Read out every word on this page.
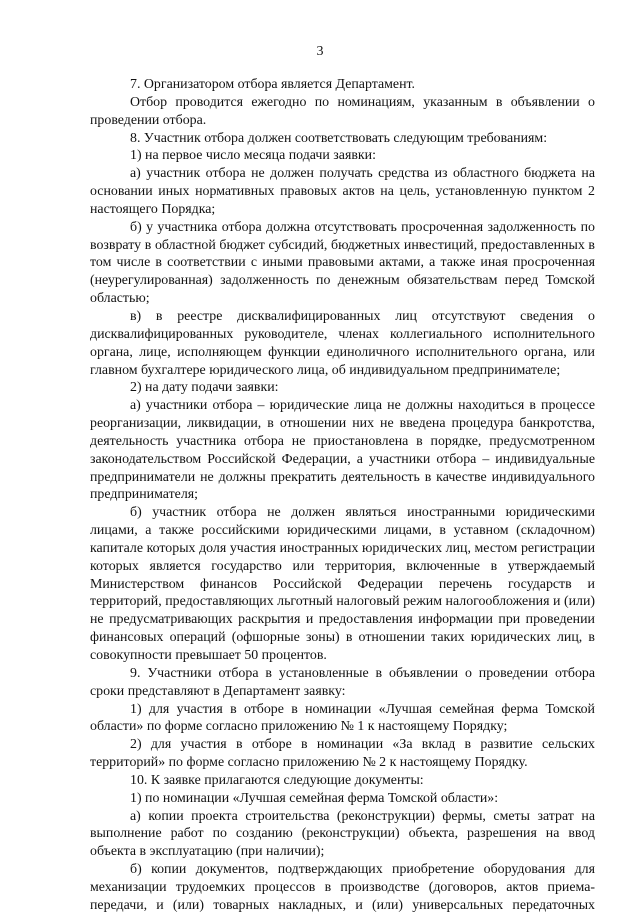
3

7. Организатором отбора является Департамент.

Отбор проводится ежегодно по номинациям, указанным в объявлении о проведении отбора.

8. Участник отбора должен соответствовать следующим требованиям:

1) на первое число месяца подачи заявки:

а) участник отбора не должен получать средства из областного бюджета на основании иных нормативных правовых актов на цель, установленную пунктом 2 настоящего Порядка;

б) у участника отбора должна отсутствовать просроченная задолженность по возврату в областной бюджет субсидий, бюджетных инвестиций, предоставленных в том числе в соответствии с иными правовыми актами, а также иная просроченная (неурегулированная) задолженность по денежным обязательствам перед Томской областью;

в) в реестре дисквалифицированных лиц отсутствуют сведения о дисквалифицированных руководителе, членах коллегиального исполнительного органа, лице, исполняющем функции единоличного исполнительного органа, или главном бухгалтере юридического лица, об индивидуальном предпринимателе;

2) на дату подачи заявки:

а) участники отбора – юридические лица не должны находиться в процессе реорганизации, ликвидации, в отношении них не введена процедура банкротства, деятельность участника отбора не приостановлена в порядке, предусмотренном законодательством Российской Федерации, а участники отбора – индивидуальные предприниматели не должны прекратить деятельность в качестве индивидуального предпринимателя;

б) участник отбора не должен являться иностранными юридическими лицами, а также российскими юридическими лицами, в уставном (складочном) капитале которых доля участия иностранных юридических лиц, местом регистрации которых является государство или территория, включенные в утверждаемый Министерством финансов Российской Федерации перечень государств и территорий, предоставляющих льготный налоговый режим налогообложения и (или) не предусматривающих раскрытия и предоставления информации при проведении финансовых операций (офшорные зоны) в отношении таких юридических лиц, в совокупности превышает 50 процентов.

9. Участники отбора в установленные в объявлении о проведении отбора сроки представляют в Департамент заявку:

1) для участия в отборе в номинации «Лучшая семейная ферма Томской области» по форме согласно приложению № 1 к настоящему Порядку;

2) для участия в отборе в номинации «За вклад в развитие сельских территорий» по форме согласно приложению № 2 к настоящему Порядку.

10. К заявке прилагаются следующие документы:

1) по номинации «Лучшая семейная ферма Томской области»:

а) копии проекта строительства (реконструкции) фермы, сметы затрат на выполнение работ по созданию (реконструкции) объекта, разрешения на ввод объекта в эксплуатацию (при наличии);

б) копии документов, подтверждающих приобретение оборудования для механизации трудоемких процессов в производстве (договоров, актов приема-передачи, и (или) товарных накладных, и (или) универсальных передаточных
